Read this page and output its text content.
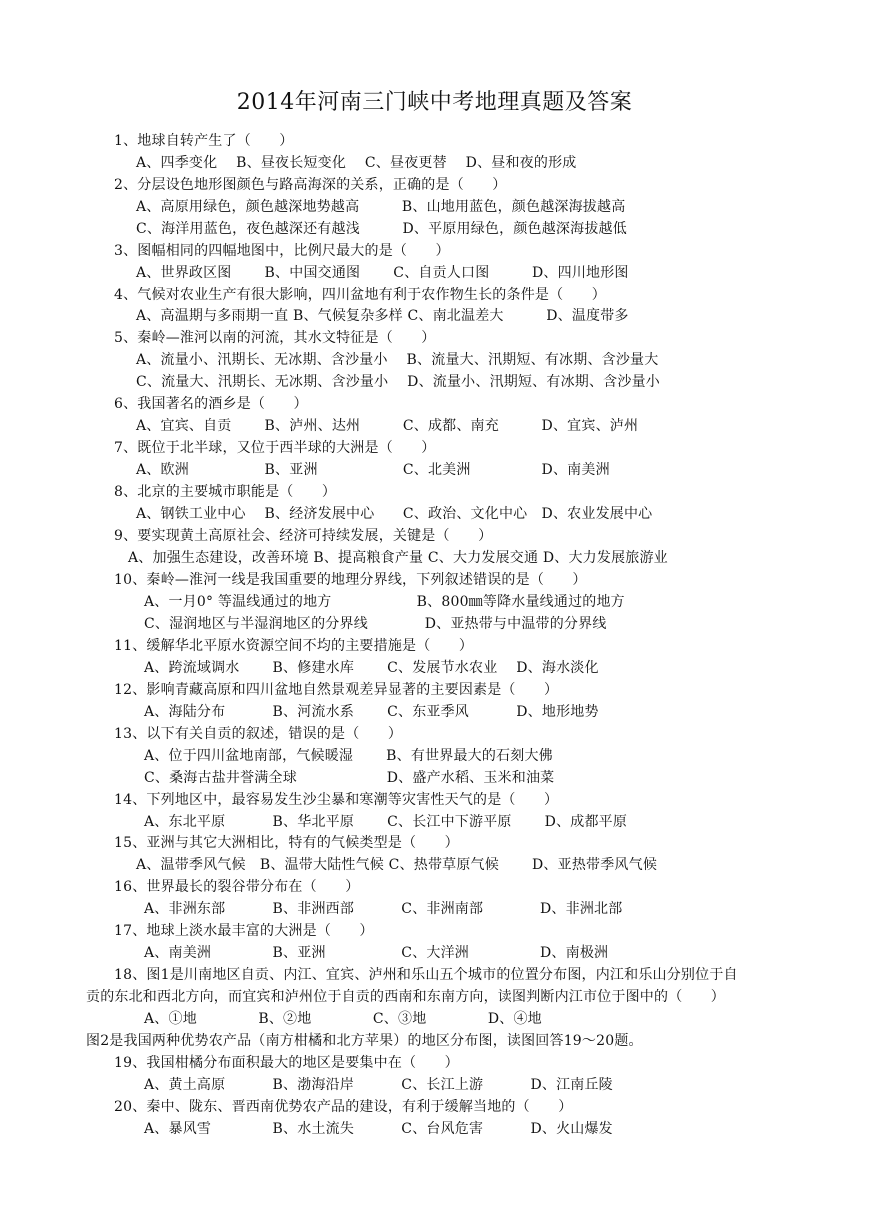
2014年河南三门峡中考地理真题及答案
1、地球自转产生了（　　）
A、四季变化　 B、昼夜长短变化　 C、昼夜更替　 D、昼和夜的形成
2、分层设色地形图颜色与路高海深的关系，正确的是（　　）
A、高原用绿色，颜色越深地势越高　　　B、山地用蓝色，颜色越深海拔越高
C、海洋用蓝色，夜色越深还有越浅　　　D、平原用绿色，颜色越深海拔越低
3、图幅相同的四幅地图中，比例尺最大的是（　　）
A、世界政区图　　 B、中国交通图　　 C、自贡人口图　　　D、四川地形图
4、气候对农业生产有很大影响，四川盆地有利于农作物生长的条件是（　　）
A、高温期与多雨期一直 B、气候复杂多样 C、南北温差大　　　D、温度带多
5、秦岭—淮河以南的河流，其水文特征是（　　）
A、流量小、汛期长、无冰期、含沙量小　 B、流量大、汛期短、有冰期、含沙量大
C、流量大、汛期长、无冰期、含沙量小　 D、流量小、汛期短、有冰期、含沙量小
6、我国著名的酒乡是（　　）
A、宜宾、自贡　　 B、泸州、达州　　　C、成都、南充　　　D、宜宾、泸州
7、既位于北半球，又位于西半球的大洲是（　　）
A、欧洲　　　　　 B、亚洲　　　　　　C、北美洲　　　　　D、南美洲
8、北京的主要城市职能是（　　）
A、钢铁工业中心　 B、经济发展中心　　C、政治、文化中心　D、农业发展中心
9、要实现黄土高原社会、经济可持续发展，关键是（　　）
A、加强生态建设，改善环境 B、提高粮食产量 C、大力发展交通 D、大力发展旅游业
10、秦岭—淮河一线是我国重要的地理分界线，下列叙述错误的是（　　）
A、一月0° 等温线通过的地方　　　　　　B、800㎜等降水量线通过的地方
C、湿润地区与半湿润地区的分界线　　　　D、亚热带与中温带的分界线
11、缓解华北平原水资源空间不均的主要措施是（　　）
A、跨流域调水　　 B、修建水库　　 C、发展节水农业　 D、海水淡化
12、影响青藏高原和四川盆地自然景观差异显著的主要因素是（　　）
A、海陆分布　　　 B、河流水系　　 C、东亚季风　　　 D、地形地势
13、以下有关自贡的叙述，错误的是（　　）
A、位于四川盆地南部，气候暖湿　　 B、有世界最大的石刻大佛
C、桑海古盐井誉满全球　　　　　　 D、盛产水稻、玉米和油菜
14、下列地区中，最容易发生沙尘暴和寒潮等灾害性天气的是（　　）
A、东北平原　　　 B、华北平原　　 C、长江中下游平原　　 D、成都平原
15、亚洲与其它大洲相比，特有的气候类型是（　　）
A、温带季风气候　B、温带大陆性气候 C、热带草原气候　　 D、亚热带季风气候
16、世界最长的裂谷带分布在（　　）
A、非洲东部　　　 B、非洲西部　　　 C、非洲南部　　　　D、非洲北部
17、地球上淡水最丰富的大洲是（　　）
A、南美洲　　　　 B、亚洲　　　　　 C、大洋洲　　　　　D、南极洲
18、图1是川南地区自贡、内江、宜宾、泸州和乐山五个城市的位置分布图，内江和乐山分别位于自
贡的东北和西北方向，而宜宾和泸州位于自贡的西南和东南方向，读图判断内江市位于图中的（　　）
A、①地　　　　 B、②地　　　　 C、③地　　　　 D、④地
图2是我国两种优势农产品（南方柑橘和北方苹果）的地区分布图，读图回答19～20题。
19、我国柑橘分布面积最大的地区是要集中在（　　）
A、黄土高原　　　 B、渤海沿岸　　　 C、长江上游　　　 D、江南丘陵
20、秦中、陇东、晋西南优势农产品的建设，有利于缓解当地的（　　）
A、暴风雪　　　　 B、水土流失　　　 C、台风危害　　　 D、火山爆发
